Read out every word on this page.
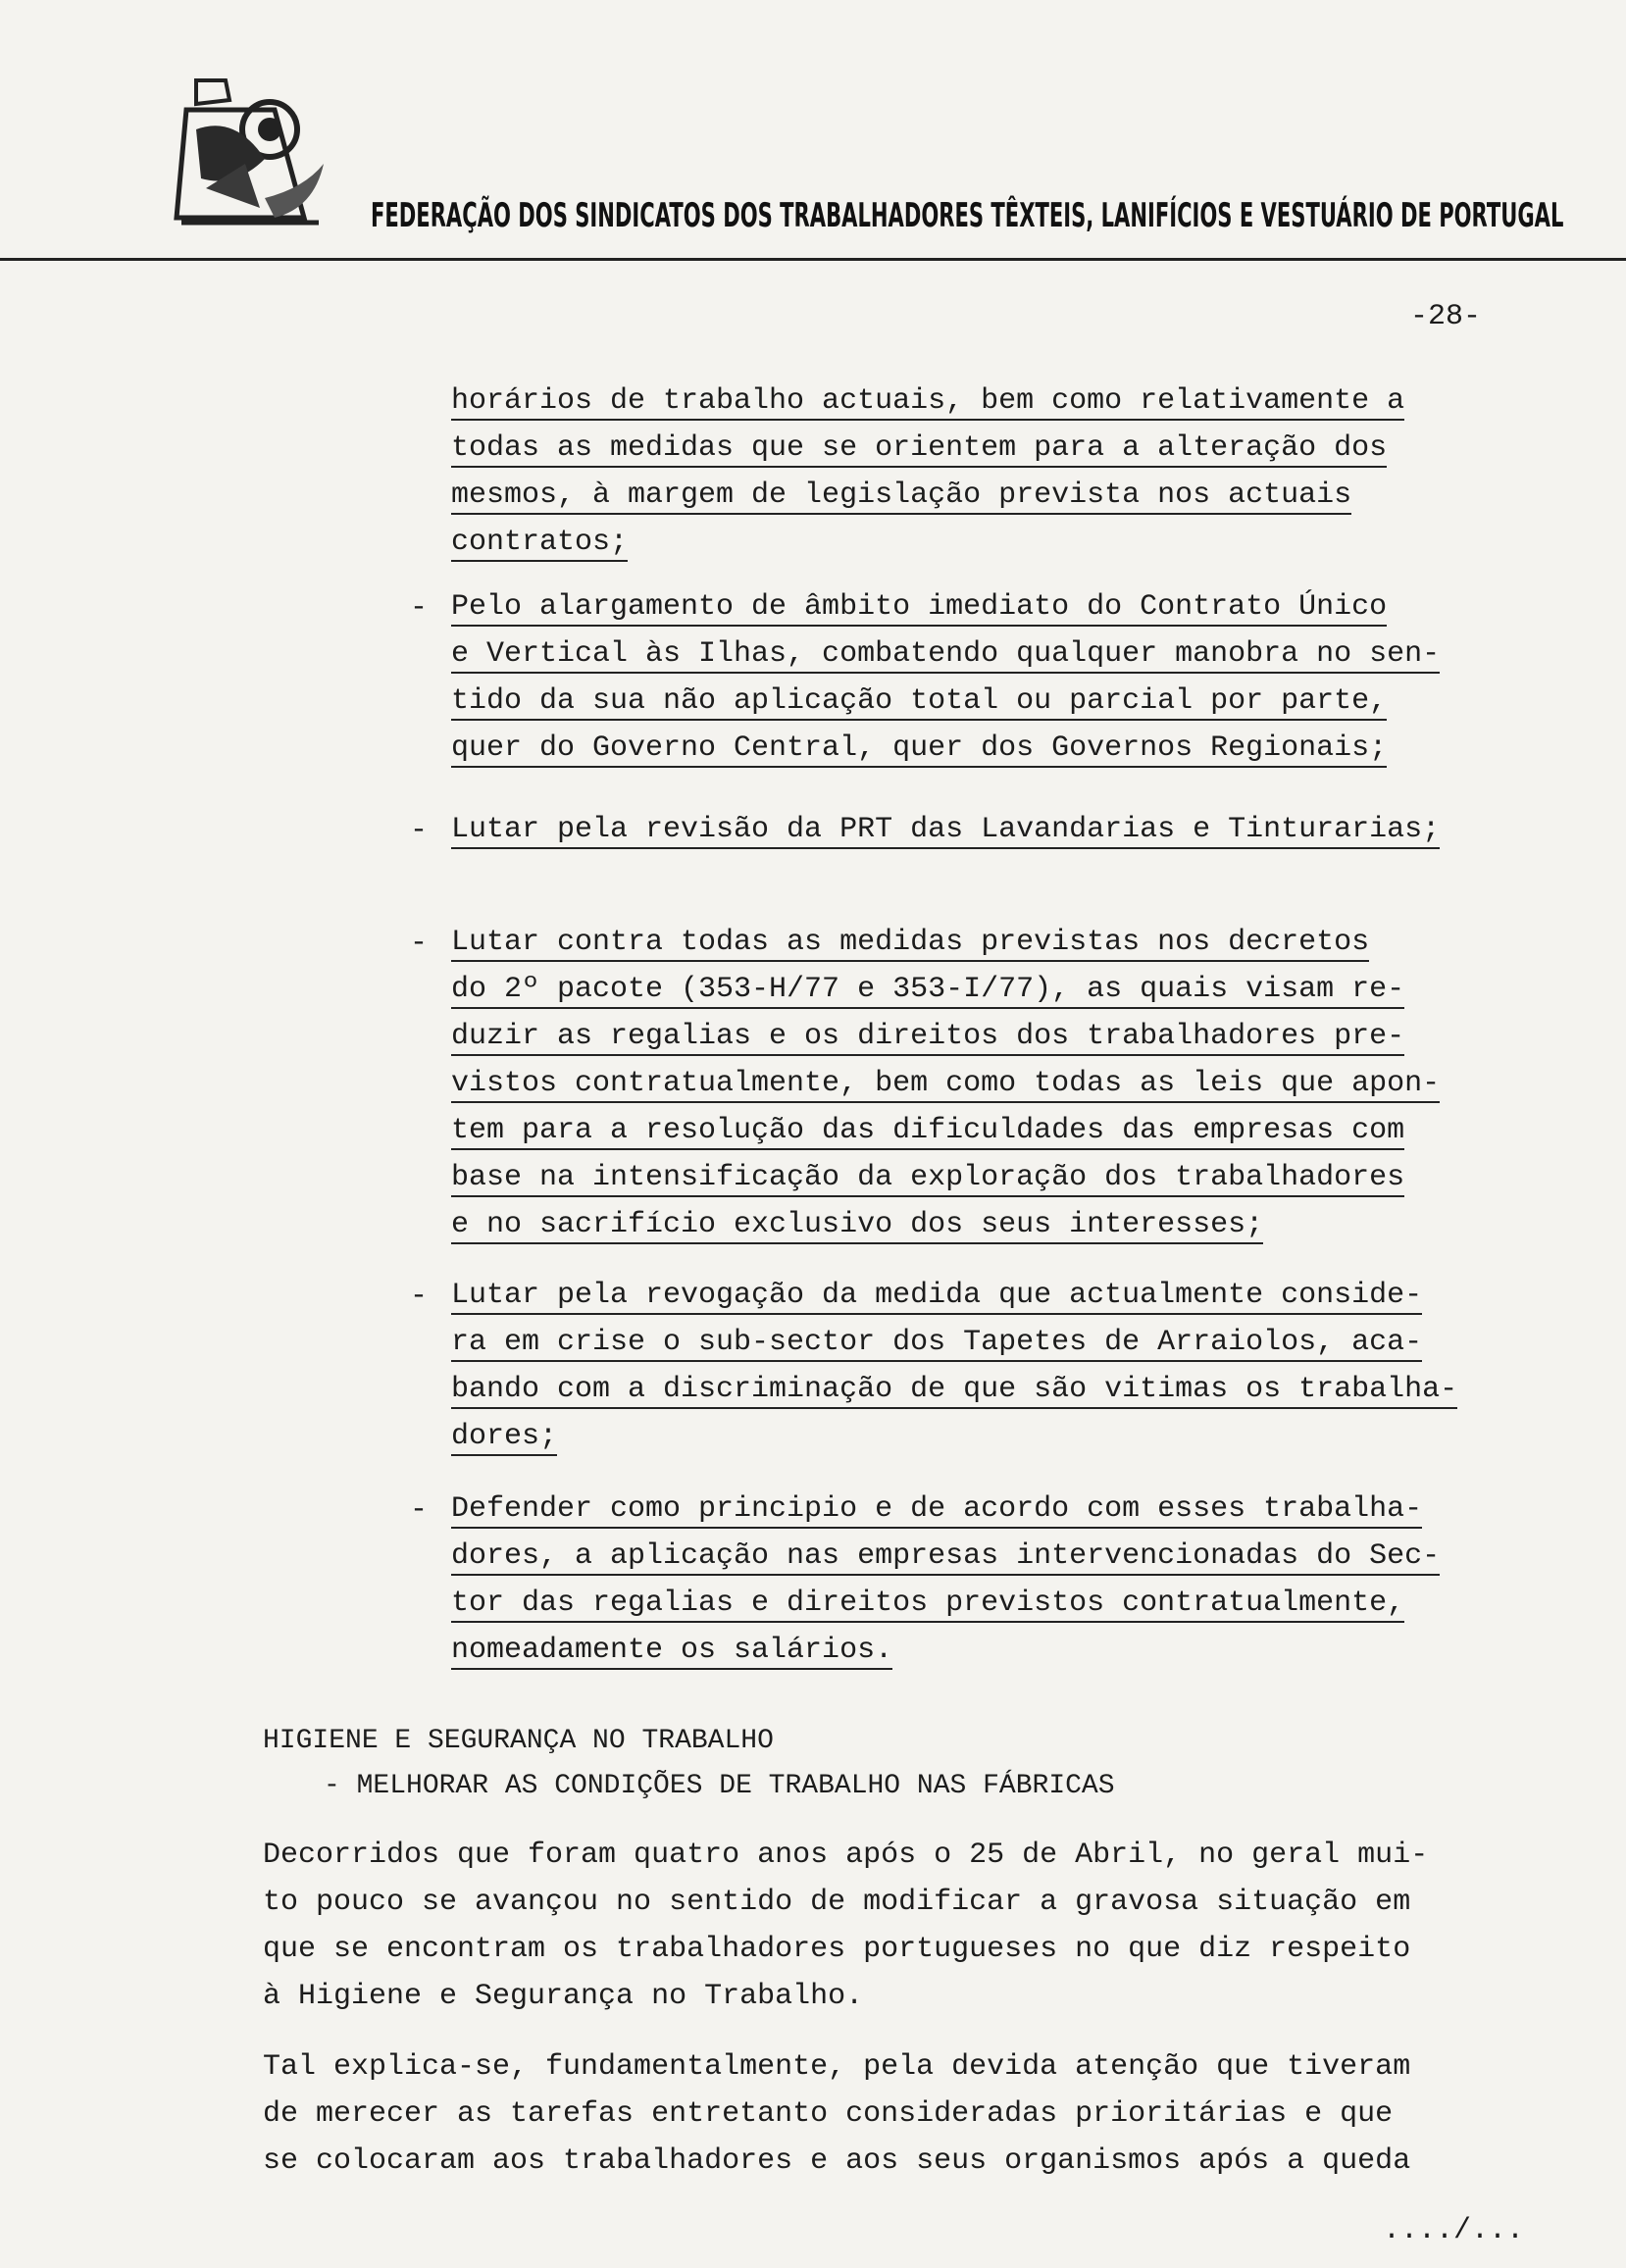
FEDERAÇÃO DOS SINDICATOS DOS TRABALHADORES TÊXTEIS, LANIFÍCIOS E VESTUÁRIO DE PORTUGAL
-28-
horários de trabalho actuais, bem como relativamente a
todas as medidas que se orientem para a alteração dos
mesmos, à margem de legislação prevista nos actuais
contratos;
- Pelo alargamento de âmbito imediato do Contrato Único
e Vertical às Ilhas, combatendo qualquer manobra no sen-
tido da sua não aplicação total ou parcial por parte,
quer do Governo Central, quer dos Governos Regionais;
- Lutar pela revisão da PRT das Lavandarias e Tinturarias;
- Lutar contra todas as medidas previstas nos decretos
do 2º pacote (353-H/77 e 353-I/77), as quais visam re-
duzir as regalias e os direitos dos trabalhadores pre-
vistos contratualmente, bem como todas as leis que apon-
tem para a resolução das dificuldades das empresas com
base na intensificação da exploração dos trabalhadores
e no sacrifício exclusivo dos seus interesses;
- Lutar pela revogação da medida que actualmente conside-
ra em crise o sub-sector dos Tapetes de Arraiolos, aca-
bando com a discriminação de que são vitimas os trabalha-
dores;
- Defender como principio e de acordo com esses trabalha-
dores, a aplicação nas empresas intervencionadas do Sec-
tor das regalias e direitos previstos contratualmente,
nomeadamente os salários.
HIGIENE E SEGURANÇA NO TRABALHO
- MELHORAR AS CONDIÇÕES DE TRABALHO NAS FÁBRICAS
Decorridos que foram quatro anos após o 25 de Abril, no geral mui-
to pouco se avançou no sentido de modificar a gravosa situação em
que se encontram os trabalhadores portugueses no que diz respeito
à Higiene e Segurança no Trabalho.
Tal explica-se, fundamentalmente, pela devida atenção que tiveram
de merecer as tarefas entretanto consideradas prioritárias e que
se colocaram aos trabalhadores e aos seus organismos após a queda
..../...
